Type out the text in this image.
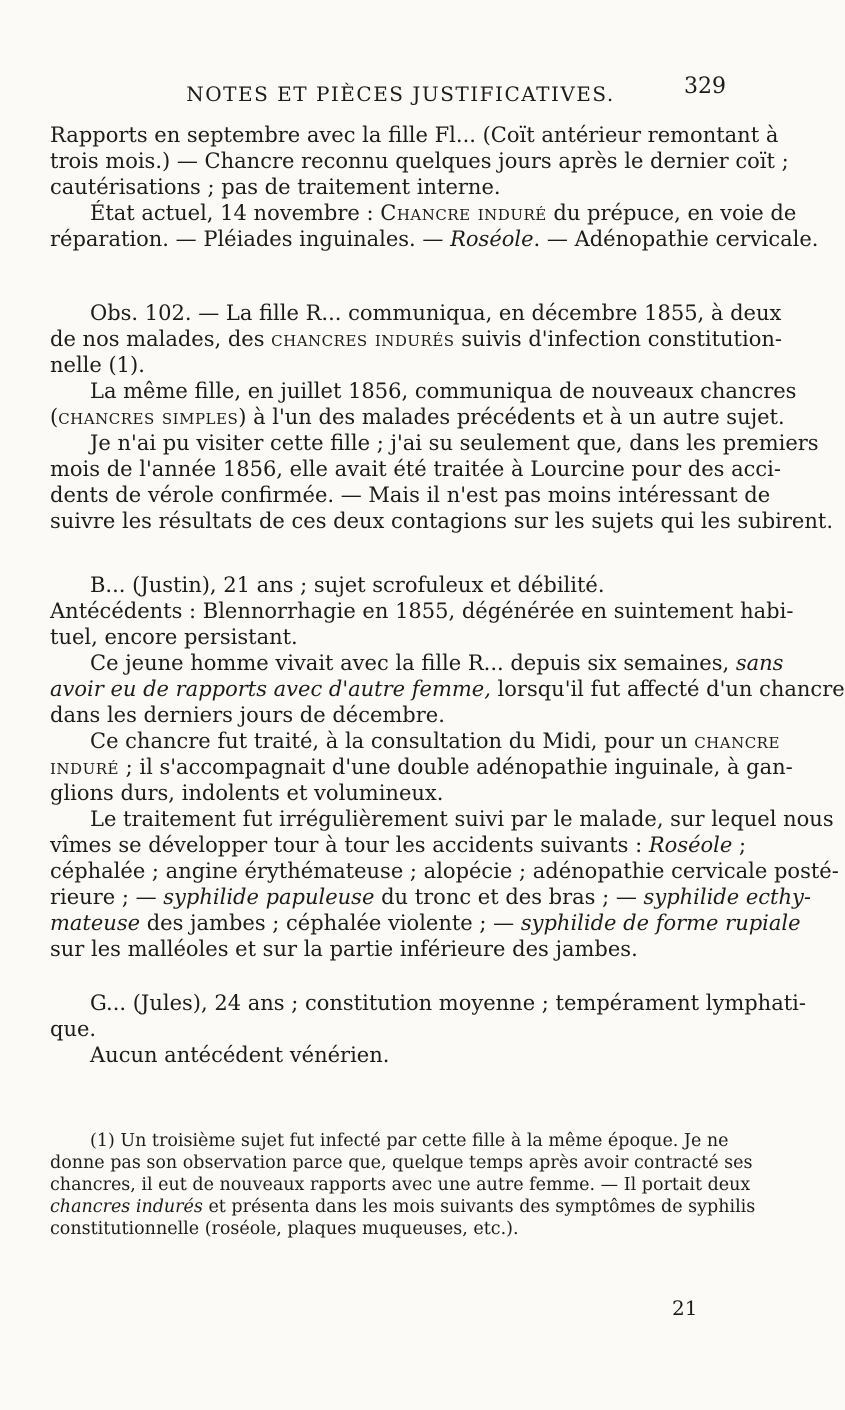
NOTES ET PIÈCES JUSTIFICATIVES.	329
Rapports en septembre avec la fille Fl... (Coït antérieur remontant à
trois mois.) — Chancre reconnu quelques jours après le dernier coït ;
cautérisations ; pas de traitement interne.
État actuel, 14 novembre : Chancre induré du prépuce, en voie de
réparation. — Pléiades inguinales. — Roséole. — Adénopathie cervicale.
Obs. 102. — La fille R... communiqua, en décembre 1855, à deux
de nos malades, des chancres indurés suivis d'infection constitution-
nelle (1).
La même fille, en juillet 1856, communiqua de nouveaux chancres
(chancres simples) à l'un des malades précédents et à un autre sujet.
Je n'ai pu visiter cette fille ; j'ai su seulement que, dans les premiers
mois de l'année 1856, elle avait été traitée à Lourcine pour des acci-
dents de vérole confirmée. — Mais il n'est pas moins intéressant de
suivre les résultats de ces deux contagions sur les sujets qui les subirent.
B... (Justin), 21 ans ; sujet scrofuleux et débilité.
Antécédents : Blennorrhagie en 1855, dégénérée en suintement habi-
tuel, encore persistant.
Ce jeune homme vivait avec la fille R... depuis six semaines, sans
avoir eu de rapports avec d'autre femme, lorsqu'il fut affecté d'un chancre
dans les derniers jours de décembre.
Ce chancre fut traité, à la consultation du Midi, pour un chancre
induré ; il s'accompagnait d'une double adénopathie inguinale, à gan-
glions durs, indolents et volumineux.
Le traitement fut irrégulièrement suivi par le malade, sur lequel nous
vîmes se développer tour à tour les accidents suivants : Roséole ;
céphalée ; angine érythémateuse ; alopécie ; adénopathie cervicale posté-
rieure ; — syphilide papuleuse du tronc et des bras ; — syphilide ecthy-
mateuse des jambes ; céphalée violente ; — syphilide de forme rupiale
sur les malléoles et sur la partie inférieure des jambes.
G... (Jules), 24 ans ; constitution moyenne ; tempérament lymphati-
que.
Aucun antécédent vénérien.
(1) Un troisième sujet fut infecté par cette fille à la même époque. Je ne
donne pas son observation parce que, quelque temps après avoir contracté ses
chancres, il eut de nouveaux rapports avec une autre femme. — Il portait deux
chancres indurés et présenta dans les mois suivants des symptômes de syphilis
constitutionnelle (roséole, plaques muqueuses, etc.).
21
